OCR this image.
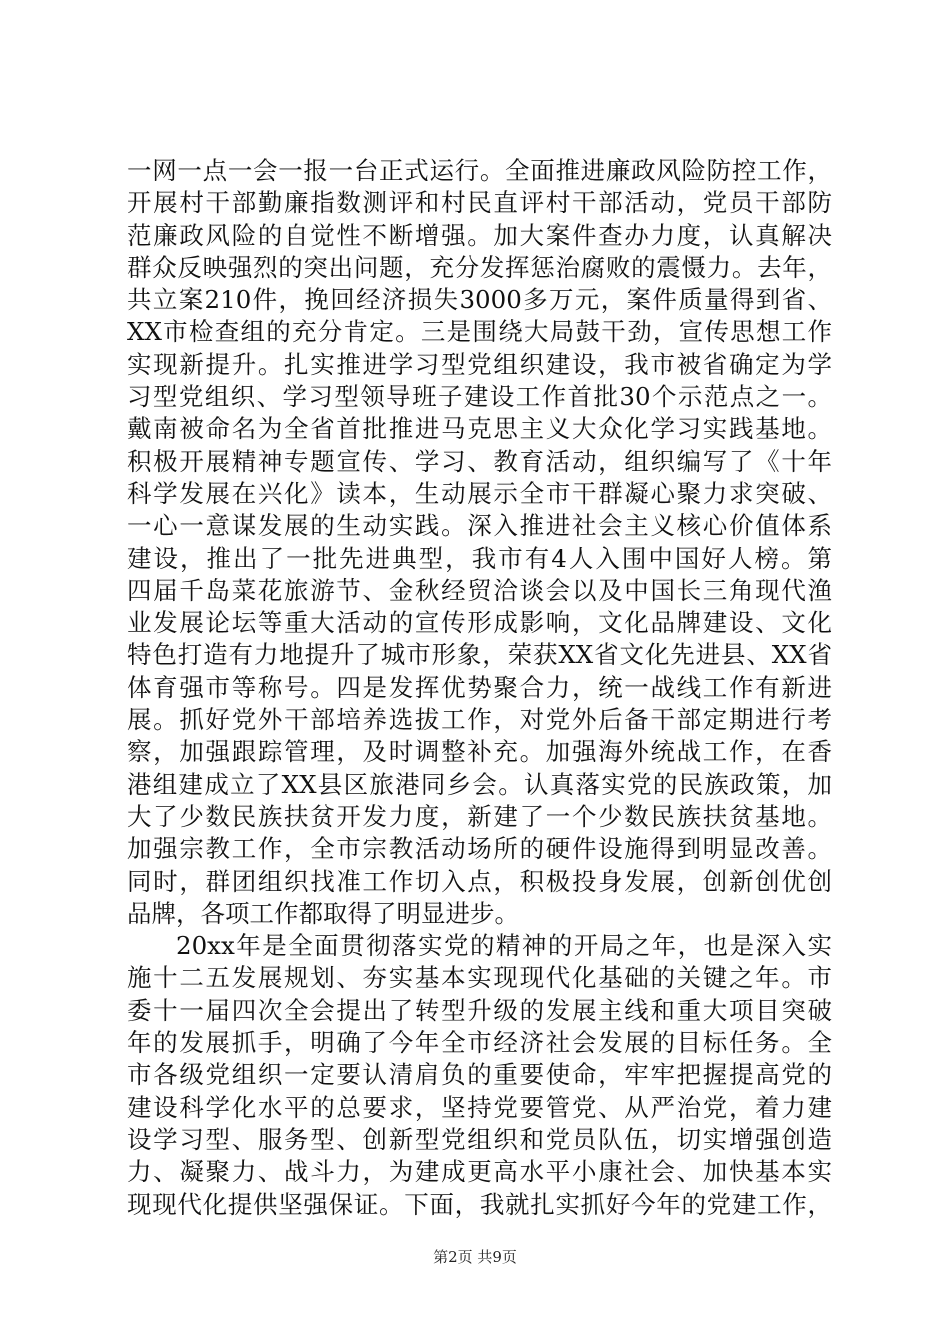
一网一点一会一报一台正式运行。全面推进廉政风险防控工作，
开展村干部勤廉指数测评和村民直评村干部活动，党员干部防
范廉政风险的自觉性不断增强。加大案件查办力度，认真解决
群众反映强烈的突出问题，充分发挥惩治腐败的震慑力。去年，
共立案210件，挽回经济损失3000多万元，案件质量得到省、
XX市检查组的充分肯定。三是围绕大局鼓干劲，宣传思想工作
实现新提升。扎实推进学习型党组织建设，我市被省确定为学
习型党组织、学习型领导班子建设工作首批30个示范点之一。
戴南被命名为全省首批推进马克思主义大众化学习实践基地。
积极开展精神专题宣传、学习、教育活动，组织编写了《十年
科学发展在兴化》读本，生动展示全市干群凝心聚力求突破、
一心一意谋发展的生动实践。深入推进社会主义核心价值体系
建设，推出了一批先进典型，我市有4人入围中国好人榜。第
四届千岛菜花旅游节、金秋经贸洽谈会以及中国长三角现代渔
业发展论坛等重大活动的宣传形成影响，文化品牌建设、文化
特色打造有力地提升了城市形象，荣获XX省文化先进县、XX省
体育强市等称号。四是发挥优势聚合力，统一战线工作有新进
展。抓好党外干部培养选拔工作，对党外后备干部定期进行考
察，加强跟踪管理，及时调整补充。加强海外统战工作，在香
港组建成立了XX县区旅港同乡会。认真落实党的民族政策，加
大了少数民族扶贫开发力度，新建了一个少数民族扶贫基地。
加强宗教工作，全市宗教活动场所的硬件设施得到明显改善。
同时，群团组织找准工作切入点，积极投身发展，创新创优创
品牌，各项工作都取得了明显进步。
20xx年是全面贯彻落实党的精神的开局之年，也是深入实
施十二五发展规划、夯实基本实现现代化基础的关键之年。市
委十一届四次全会提出了转型升级的发展主线和重大项目突破
年的发展抓手，明确了今年全市经济社会发展的目标任务。全
市各级党组织一定要认清肩负的重要使命，牢牢把握提高党的
建设科学化水平的总要求，坚持党要管党、从严治党，着力建
设学习型、服务型、创新型党组织和党员队伍，切实增强创造
力、凝聚力、战斗力，为建成更高水平小康社会、加快基本实
现现代化提供坚强保证。下面，我就扎实抓好今年的党建工作，
第2页 共9页
